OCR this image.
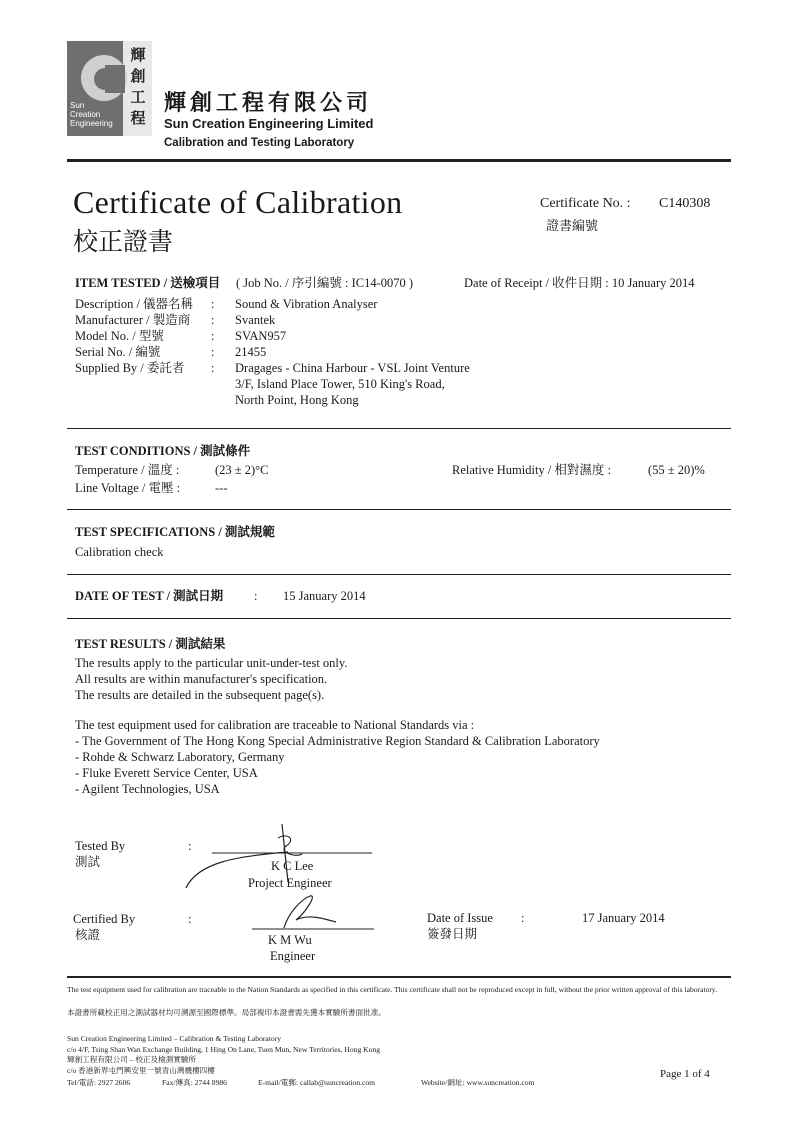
Sun
Creation
Engineering
輝
創
工
程
輝創工程有限公司
Sun Creation Engineering Limited
Calibration and Testing Laboratory
Certificate of Calibration
校正證書
Certificate No. : C140308
證書編號
ITEM TESTED / 送檢項目 ( Job No. / 序引編號 : IC14-0070 )	Date of Receipt / 收件日期 : 10 January 2014
Description / 儀器名稱 : Sound & Vibration Analyser
Manufacturer / 製造商 : Svantek
Model No. / 型號	: SVAN957
Serial No. / 編號	: 21455
Supplied By / 委託者 : Dragages - China Harbour - VSL Joint Venture
3/F, Island Place Tower, 510 King's Road,
North Point, Hong Kong
TEST CONDITIONS / 測試條件
Temperature / 溫度 :	(23 ± 2)°C	Relative Humidity / 相對濕度 :	(55 ± 20)%
Line Voltage / 電壓 :	---
TEST SPECIFICATIONS / 測試規範
Calibration check
DATE OF TEST / 測試日期 : 15 January 2014
TEST RESULTS / 測試結果
The results apply to the particular unit-under-test only.
All results are within manufacturer's specification.
The results are detailed in the subsequent page(s).
The test equipment used for calibration are traceable to National Standards via :
- The Government of The Hong Kong Special Administrative Region Standard & Calibration Laboratory
- Rohde & Schwarz Laboratory, Germany
- Fluke Everett Service Center, USA
- Agilent Technologies, USA
Tested By
測試
:
K C Lee
Project Engineer
Certified By
核證
:
K M Wu
Engineer
Date of Issue
簽發日期
:	17 January 2014
The test equipment used for calibration are traceable to the Nation Standards as specified in this certificate. This certificate shall not be reproduced except in full, without the prior written approval of this laboratory.
本證書所載校正用之測試器材均可溯源至國際標準。局部複印本證書需先獲本實驗所書面批准。
Sun Creation Engineering Limited – Calibration & Testing Laboratory
c/o 4/F, Tsing Shan Wan Exchange Building, 1 Hing On Lane, Tuen Mun, New Territories, Hong Kong
輝創工程有限公司 – 校正及檢測實驗所
c/o 香港新界屯門興安里一號青山灣機樓四樓
Tel/電話: 2927 2606	Fax/傳真: 2744 8986	E-mail/電郵: callab@suncreation.com	Website/網址: www.suncreation.com
Page 1 of 4
